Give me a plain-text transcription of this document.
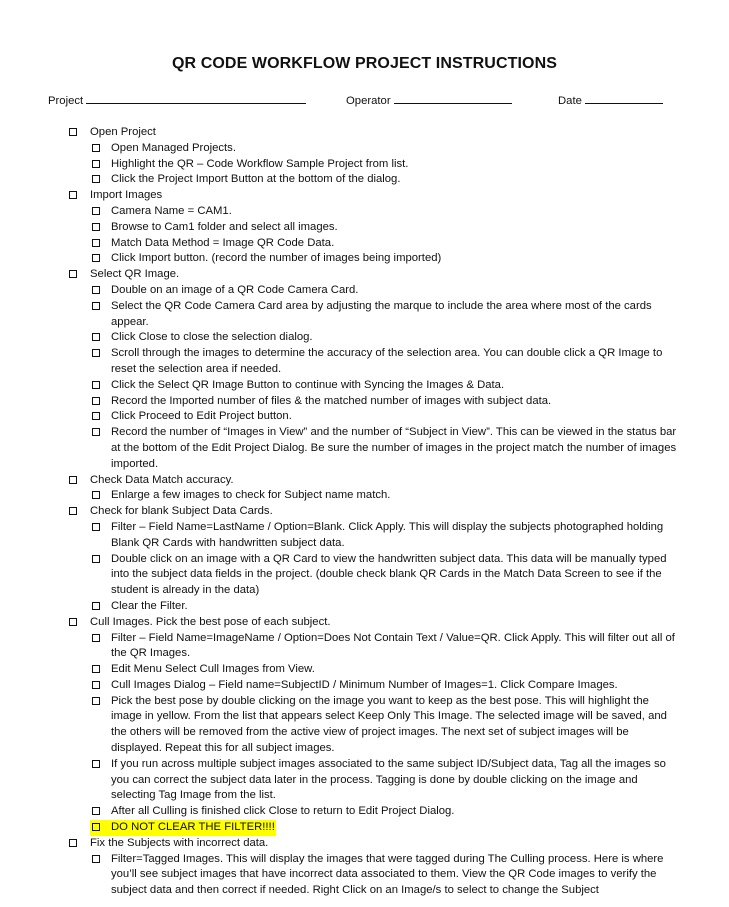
QR CODE WORKFLOW PROJECT INSTRUCTIONS
Project	Operator	Date
Open Project
Open Managed Projects.
Highlight the QR – Code Workflow Sample Project from list.
Click the Project Import Button at the bottom of the dialog.
Import Images
Camera Name = CAM1.
Browse to Cam1 folder and select all images.
Match Data Method = Image QR Code Data.
Click Import button. (record the number of images being imported)
Select QR Image.
Double on an image of a QR Code Camera Card.
Select the QR Code Camera Card area by adjusting the marque to include the area where most of the cards appear.
Click Close to close the selection dialog.
Scroll through the images to determine the accuracy of the selection area. You can double click a QR Image to reset the selection area if needed.
Click the Select QR Image Button to continue with Syncing the Images & Data.
Record the Imported number of files & the matched number of images with subject data.
Click Proceed to Edit Project button.
Record the number of “Images in View” and the number of “Subject in View”. This can be viewed in the status bar at the bottom of the Edit Project Dialog. Be sure the number of images in the project match the number of images imported.
Check Data Match accuracy.
Enlarge a few images to check for Subject name match.
Check for blank Subject Data Cards.
Filter – Field Name=LastName / Option=Blank. Click Apply. This will display the subjects photographed holding Blank QR Cards with handwritten subject data.
Double click on an image with a QR Card to view the handwritten subject data. This data will be manually typed into the subject data fields in the project. (double check blank QR Cards in the Match Data Screen to see if the student is already in the data)
Clear the Filter.
Cull Images. Pick the best pose of each subject.
Filter – Field Name=ImageName / Option=Does Not Contain Text / Value=QR. Click Apply. This will filter out all of the QR Images.
Edit Menu Select Cull Images from View.
Cull Images Dialog – Field name=SubjectID / Minimum Number of Images=1. Click Compare Images.
Pick the best pose by double clicking on the image you want to keep as the best pose. This will highlight the image in yellow. From the list that appears select Keep Only This Image. The selected image will be saved, and the others will be removed from the active view of project images. The next set of subject images will be displayed. Repeat this for all subject images.
If you run across multiple subject images associated to the same subject ID/Subject data, Tag all the images so you can correct the subject data later in the process. Tagging is done by double clicking on the image and selecting Tag Image from the list.
After all Culling is finished click Close to return to Edit Project Dialog.
DO NOT CLEAR THE FILTER!!!!
Fix the Subjects with incorrect data.
Filter=Tagged Images. This will display the images that were tagged during The Culling process. Here is where you’ll see subject images that have incorrect data associated to them. View the QR Code images to verify the subject data and then correct if needed. Right Click on an Image/s to select to change the Subject
